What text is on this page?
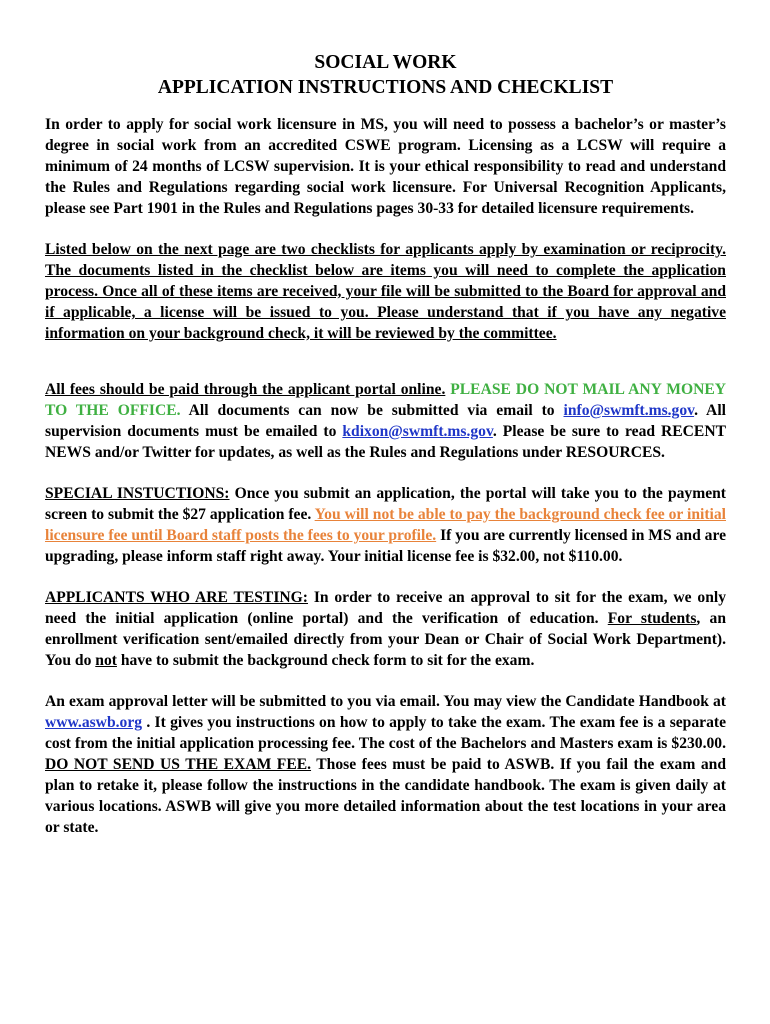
SOCIAL WORK
APPLICATION INSTRUCTIONS AND CHECKLIST

In order to apply for social work licensure in MS, you will need to possess a bachelor’s or master’s degree in social work from an accredited CSWE program. Licensing as a LCSW will require a minimum of 24 months of LCSW supervision. It is your ethical responsibility to read and understand the Rules and Regulations regarding social work licensure. For Universal Recognition Applicants, please see Part 1901 in the Rules and Regulations pages 30-33 for detailed licensure requirements.

Listed below on the next page are two checklists for applicants apply by examination or reciprocity. The documents listed in the checklist below are items you will need to complete the application process. Once all of these items are received, your file will be submitted to the Board for approval and if applicable, a license will be issued to you. Please understand that if you have any negative information on your background check, it will be reviewed by the committee.

All fees should be paid through the applicant portal online. PLEASE DO NOT MAIL ANY MONEY TO THE OFFICE. All documents can now be submitted via email to info@swmft.ms.gov. All supervision documents must be emailed to kdixon@swmft.ms.gov. Please be sure to read RECENT NEWS and/or Twitter for updates, as well as the Rules and Regulations under RESOURCES.

SPECIAL INSTUCTIONS: Once you submit an application, the portal will take you to the payment screen to submit the $27 application fee. You will not be able to pay the background check fee or initial licensure fee until Board staff posts the fees to your profile. If you are currently licensed in MS and are upgrading, please inform staff right away. Your initial license fee is $32.00, not $110.00.

APPLICANTS WHO ARE TESTING: In order to receive an approval to sit for the exam, we only need the initial application (online portal) and the verification of education. For students, an enrollment verification sent/emailed directly from your Dean or Chair of Social Work Department). You do not have to submit the background check form to sit for the exam.

An exam approval letter will be submitted to you via email. You may view the Candidate Handbook at www.aswb.org . It gives you instructions on how to apply to take the exam. The exam fee is a separate cost from the initial application processing fee. The cost of the Bachelors and Masters exam is $230.00. DO NOT SEND US THE EXAM FEE. Those fees must be paid to ASWB. If you fail the exam and plan to retake it, please follow the instructions in the candidate handbook. The exam is given daily at various locations. ASWB will give you more detailed information about the test locations in your area or state.
